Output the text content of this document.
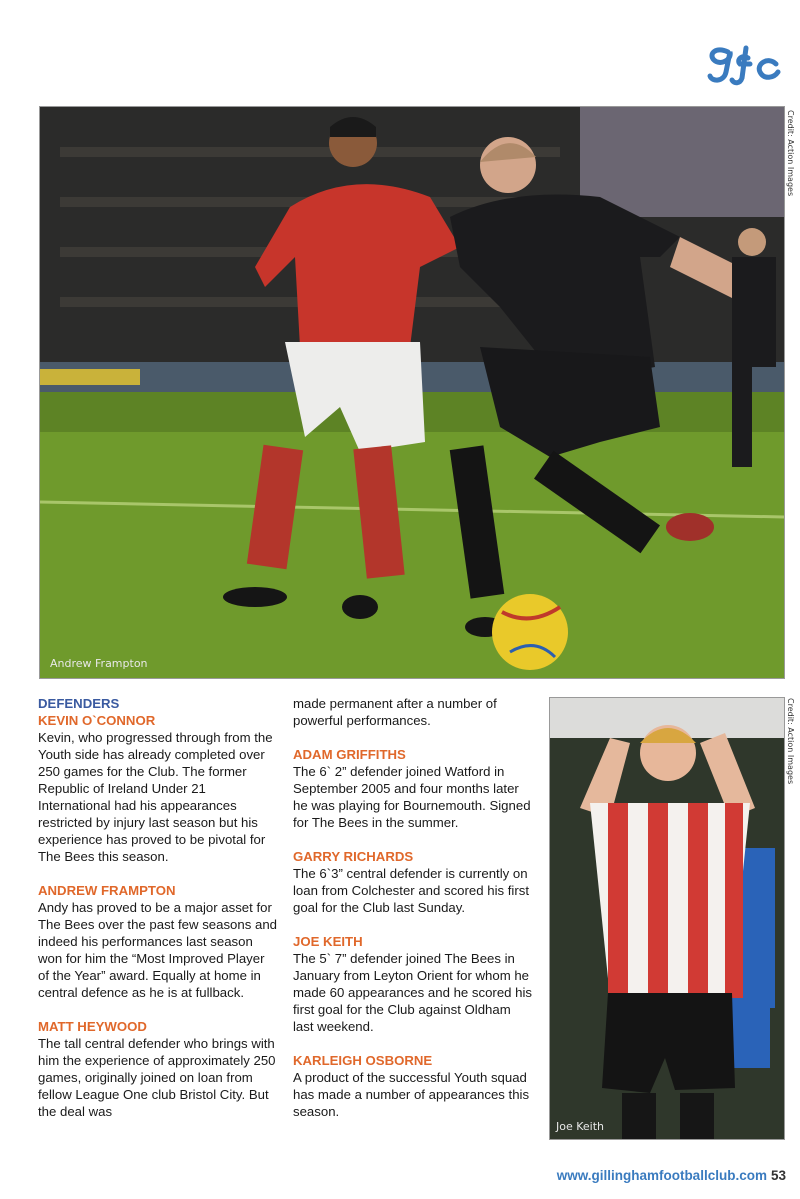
Credit: Action Images
Andrew Frampton
DEFENDERS
KEVIN O`CONNOR

Kevin, who progressed through from the Youth side has already completed over 250 games for the Club. The former Republic of Ireland Under 21 International had his appearances restricted by injury last season but his experience has proved to be pivotal for The Bees this season.

ANDREW FRAMPTON

Andy has proved to be a major asset for The Bees over the past few seasons and indeed his performances last season won for him the “Most Improved Player of the Year” award. Equally at home in central defence as he is at fullback.

MATT HEYWOOD

The tall central defender who brings with him the experience of approximately 250 games, originally joined on loan from fellow League One club Bristol City. But the deal was

made permanent after a number of powerful performances.

ADAM GRIFFITHS

The 6` 2” defender joined Watford in September 2005 and four months later he was playing for Bournemouth. Signed for The Bees in the summer.

GARRY RICHARDS

The 6`3” central defender is currently on loan from Colchester and scored his first goal for the Club last Sunday.

JOE KEITH

The 5` 7” defender joined The Bees in January from Leyton Orient for whom he made 60 appearances and he scored his first goal for the Club against Oldham last weekend.

KARLEIGH OSBORNE

A product of the successful Youth squad has made a number of appearances this season.

Joe Keith
Credit: Action Images
www.gillinghamfootballclub.com 53
